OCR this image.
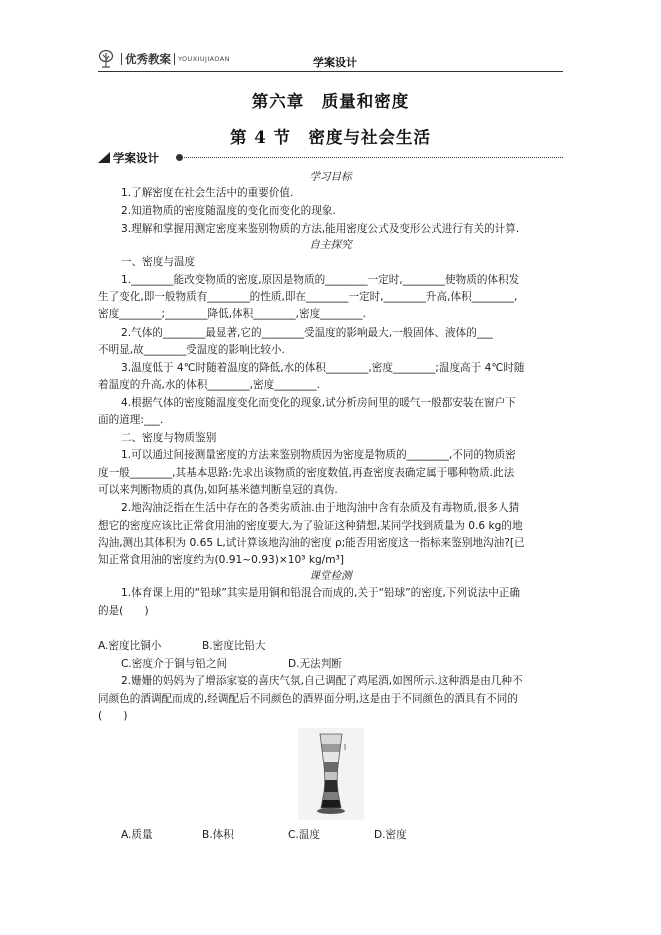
优秀教案 YOUXIUJIAOAN	学案设计
第六章　质量和密度
第 4 节　密度与社会生活
学案设计
学习目标
1.了解密度在社会生活中的重要价值.
2.知道物质的密度随温度的变化而变化的现象.
3.理解和掌握用测定密度来鉴别物质的方法,能用密度公式及变形公式进行有关的计算.
自主探究
一、密度与温度
1.________能改变物质的密度,原因是物质的________一定时,________使物质的体积发
生了变化,即一般物质有________的性质,即在________一定时,________升高,体积________,
密度________;________降低,体积________,密度________.
2.气体的________最显著,它的________受温度的影响最大,一般固体、液体的___
不明显,故________受温度的影响比较小.
3.温度低于 4℃时随着温度的降低,水的体积________,密度________;温度高于 4℃时随
着温度的升高,水的体积________,密度________.
4.根据气体的密度随温度变化而变化的现象,试分析房间里的暖气一般都安装在窗户下
面的道理:___.
二、密度与物质鉴别
1.可以通过间接测量密度的方法来鉴别物质因为密度是物质的________,不同的物质密
度一般________,其基本思路:先求出该物质的密度数值,再查密度表确定属于哪种物质.此法
可以来判断物质的真伪,如阿基米德判断皇冠的真伪.
2.地沟油泛指在生活中存在的各类劣质油.由于地沟油中含有杂质及有毒物质,很多人猜
想它的密度应该比正常食用油的密度要大,为了验证这种猜想,某同学找到质量为 0.6 kg的地
沟油,测出其体积为 0.65 L,试计算该地沟油的密度 ρ;能否用密度这一指标来鉴别地沟油?[已
知正常食用油的密度约为(0.91~0.93)×10³ kg/m³]
课堂检测
1.体育课上用的“铅球”其实是用铜和铅混合而成的,关于“铅球”的密度,下列说法中正确
的是(　　)
A.密度比铜小	B.密度比铅大
C.密度介于铜与铅之间	D.无法判断
2.姗姗的妈妈为了增添家宴的喜庆气氛,自己调配了鸡尾酒,如图所示.这种酒是由几种不
同颜色的酒调配而成的,经调配后不同颜色的酒界面分明,这是由于不同颜色的酒具有不同的
(　　)
A.质量	B.体积	C.温度	D.密度
